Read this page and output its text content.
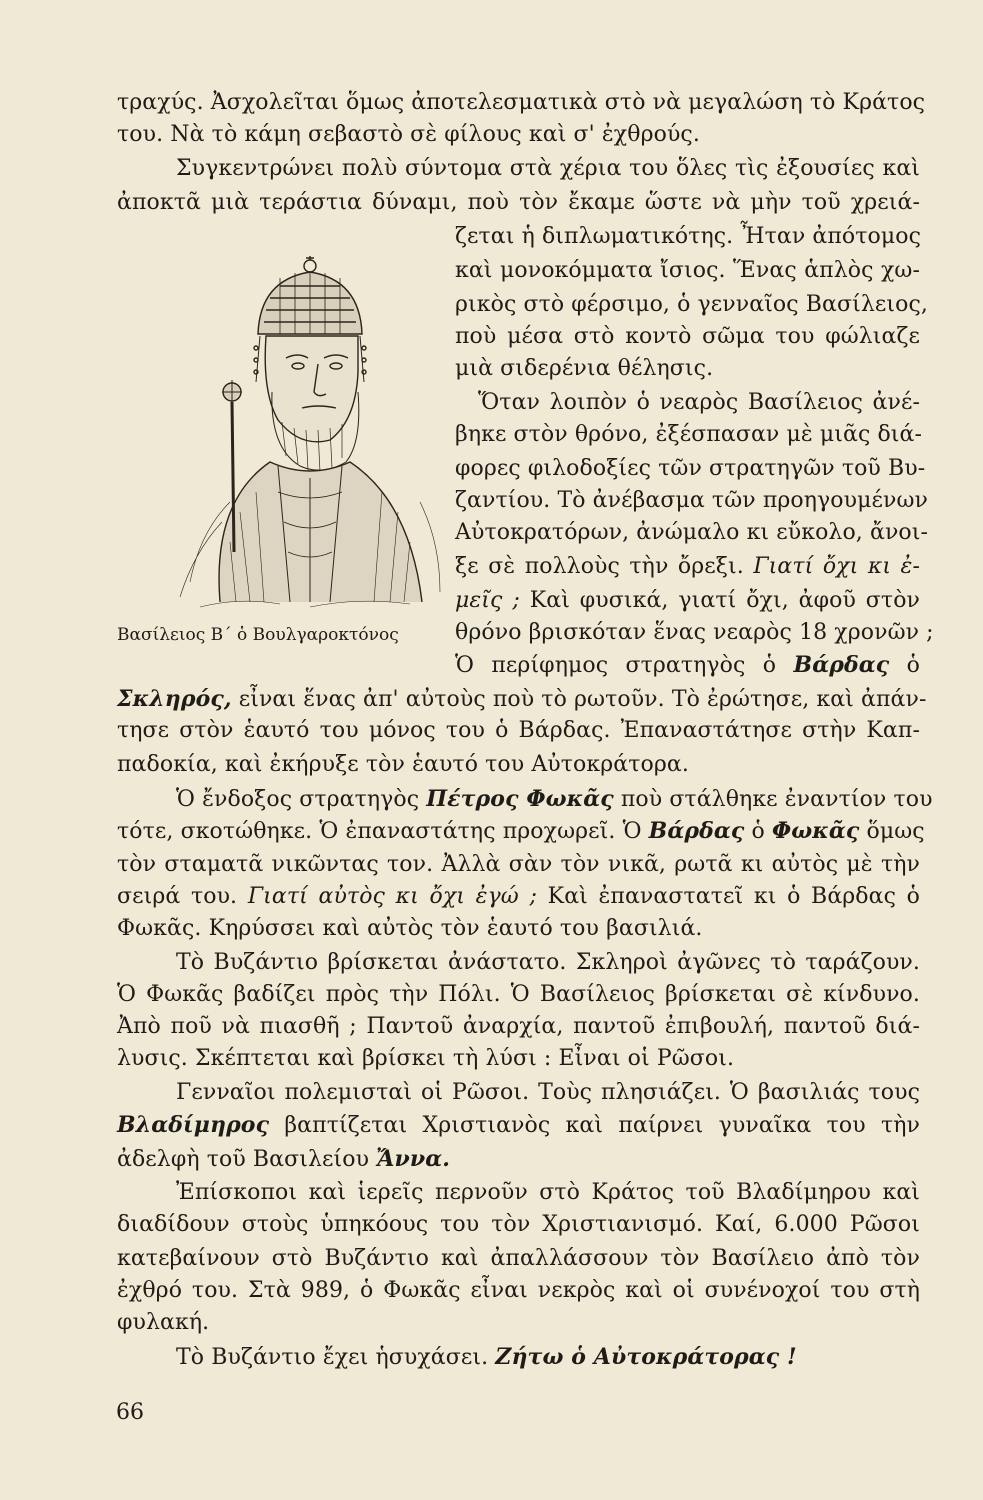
τραχύς. Ἀσχολεῖται ὅμως ἀποτελεσματικὰ στὸ νὰ μεγαλώση τὸ Κράτος
του. Νὰ τὸ κάμη σεβαστὸ σὲ φίλους καὶ σ' ἐχθρούς.
Συγκεντρώνει πολὺ σύντομα στὰ χέρια του ὅλες τὶς ἐξουσίες καὶ
ἀποκτᾶ μιὰ τεράστια δύναμι, ποὺ τὸν ἔκαμε ὥστε νὰ μὴν τοῦ χρειά-
ζεται ἡ διπλωματικότης. Ἦταν ἀπότομος
καὶ μονοκόμματα ἴσιος. Ἕνας ἁπλὸς χω-
ρικὸς στὸ φέρσιμο, ὁ γενναῖος Βασίλειος,
ποὺ μέσα στὸ κοντὸ σῶμα του φώλιαζε
μιὰ σιδερένια θέλησις.
Ὅταν λοιπὸν ὁ νεαρὸς Βασίλειος ἀνέ-
βηκε στὸν θρόνο, ἐξέσπασαν μὲ μιᾶς διά-
φορες φιλοδοξίες τῶν στρατηγῶν τοῦ Βυ-
ζαντίου. Τὸ ἀνέβασμα τῶν προηγουμένων
Αὐτοκρατόρων, ἀνώμαλο κι εὔκολο, ἄνοι-
ξε σὲ πολλοὺς τὴν ὄρεξι. Γιατί ὄχι κι ἐ-
μεῖς ; Καὶ φυσικά, γιατί ὄχι, ἀφοῦ στὸν
θρόνο βρισκόταν ἕνας νεαρὸς 18 χρονῶν ;
Ὁ περίφημος στρατηγὸς ὁ Βάρδας ὁ
Σκληρός, εἶναι ἕνας ἀπ' αὐτοὺς ποὺ τὸ ρωτοῦν. Τὸ ἐρώτησε, καὶ ἀπάν-
τησε στὸν ἑαυτό του μόνος του ὁ Βάρδας. Ἐπαναστάτησε στὴν Καπ-
παδοκία, καὶ ἐκήρυξε τὸν ἑαυτό του Αὐτοκράτορα.
Ὁ ἔνδοξος στρατηγὸς Πέτρος Φωκᾶς ποὺ στάλθηκε ἐναντίον του
τότε, σκοτώθηκε. Ὁ ἐπαναστάτης προχωρεῖ. Ὁ Βάρδας ὁ Φωκᾶς ὅμως
τὸν σταματᾶ νικῶντας τον. Ἀλλὰ σὰν τὸν νικᾶ, ρωτᾶ κι αὐτὸς μὲ τὴν
σειρά του. Γιατί αὐτὸς κι ὄχι ἐγώ ; Καὶ ἐπαναστατεῖ κι ὁ Βάρδας ὁ
Φωκᾶς. Κηρύσσει καὶ αὐτὸς τὸν ἑαυτό του βασιλιά.
Τὸ Βυζάντιο βρίσκεται ἀνάστατο. Σκληροὶ ἀγῶνες τὸ ταράζουν.
Ὁ Φωκᾶς βαδίζει πρὸς τὴν Πόλι. Ὁ Βασίλειος βρίσκεται σὲ κίνδυνο.
Ἀπὸ ποῦ νὰ πιασθῆ ; Παντοῦ ἀναρχία, παντοῦ ἐπιβουλή, παντοῦ διά-
λυσις. Σκέπτεται καὶ βρίσκει τὴ λύσι : Εἶναι οἱ Ρῶσοι.
Γενναῖοι πολεμισταὶ οἱ Ρῶσοι. Τοὺς πλησιάζει. Ὁ βασιλιάς τους
Βλαδίμηρος βαπτίζεται Χριστιανὸς καὶ παίρνει γυναῖκα του τὴν
ἀδελφὴ τοῦ Βασιλείου Ἄννα.
Ἐπίσκοποι καὶ ἱερεῖς περνοῦν στὸ Κράτος τοῦ Βλαδίμηρου καὶ
διαδίδουν στοὺς ὑπηκόους του τὸν Χριστιανισμό. Καί, 6.000 Ρῶσοι
κατεβαίνουν στὸ Βυζάντιο καὶ ἀπαλλάσσουν τὸν Βασίλειο ἀπὸ τὸν
ἐχθρό του. Στὰ 989, ὁ Φωκᾶς εἶναι νεκρὸς καὶ οἱ συνένοχοί του στὴ
φυλακή.
Τὸ Βυζάντιο ἔχει ἡσυχάσει. Ζήτω ὁ Αὐτοκράτορας !
Βασίλειος Β΄ ὁ Βουλγαροκτόνος
66
